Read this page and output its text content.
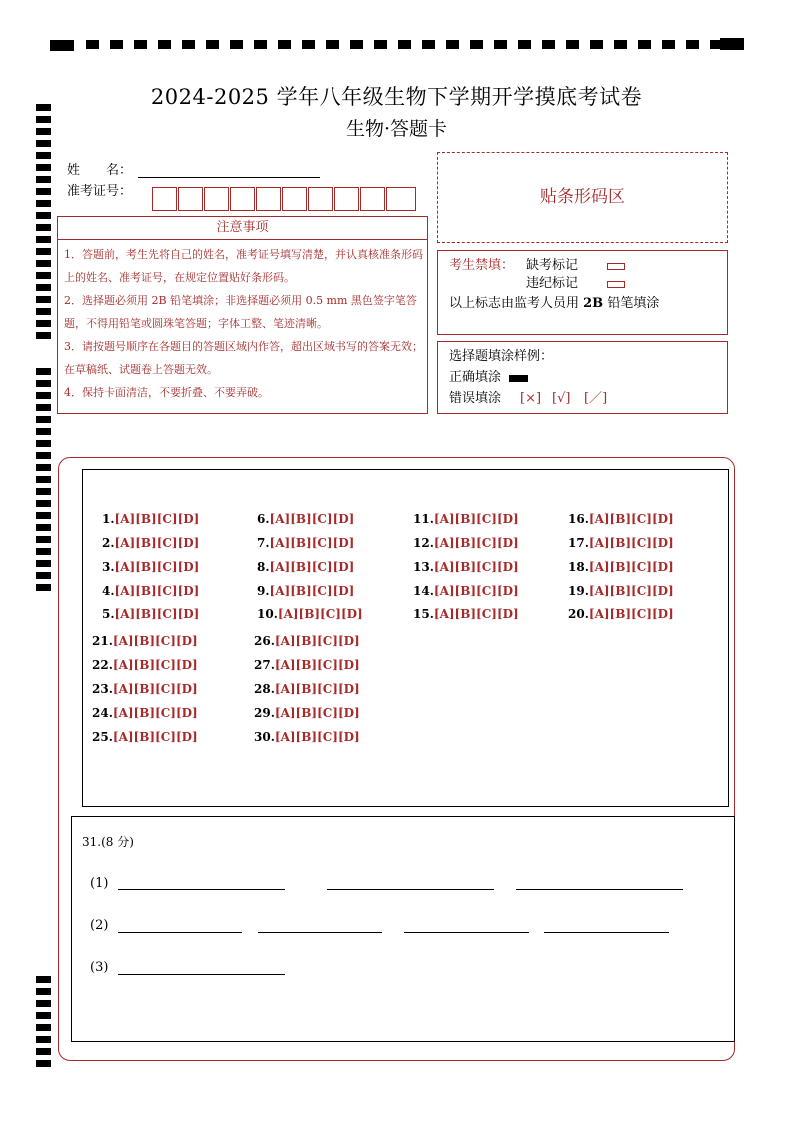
2024-2025 学年八年级生物下学期开学摸底考试卷
生物·答题卡
姓　　名：
准考证号：	贴条形码区
注意事项
1．答题前，考生先将自己的姓名，准考证号填写清楚，并认真核准条形码上的姓名、准考证号，在规定位置贴好条形码。
2．选择题必须用 2B 铅笔填涂；非选择题必须用 0.5 mm 黑色签字笔答题，不得用铅笔或圆珠笔答题；字体工整、笔迹清晰。
3．请按题号顺序在各题目的答题区域内作答，超出区域书写的答案无效；在草稿纸、试题卷上答题无效。
4．保持卡面清洁，不要折叠、不要弄破。
考生禁填： 缺考标记
违纪标记
以上标志由监考人员用 2B 铅笔填涂
选择题填涂样例：
正确填涂
错误填涂 [×] [√] [／]
1.[A][B][C][D]
2.[A][B][C][D]
3.[A][B][C][D]
4.[A][B][C][D]
5.[A][B][C][D]
6.[A][B][C][D]
7.[A][B][C][D]
8.[A][B][C][D]
9.[A][B][C][D]
10.[A][B][C][D]
11.[A][B][C][D]
12.[A][B][C][D]
13.[A][B][C][D]
14.[A][B][C][D]
15.[A][B][C][D]
16.[A][B][C][D]
17.[A][B][C][D]
18.[A][B][C][D]
19.[A][B][C][D]
20.[A][B][C][D]
21.[A][B][C][D]
22.[A][B][C][D]
23.[A][B][C][D]
24.[A][B][C][D]
25.[A][B][C][D]
26.[A][B][C][D]
27.[A][B][C][D]
28.[A][B][C][D]
29.[A][B][C][D]
30.[A][B][C][D]
31.(8 分)
(1)
(2)
(3)
